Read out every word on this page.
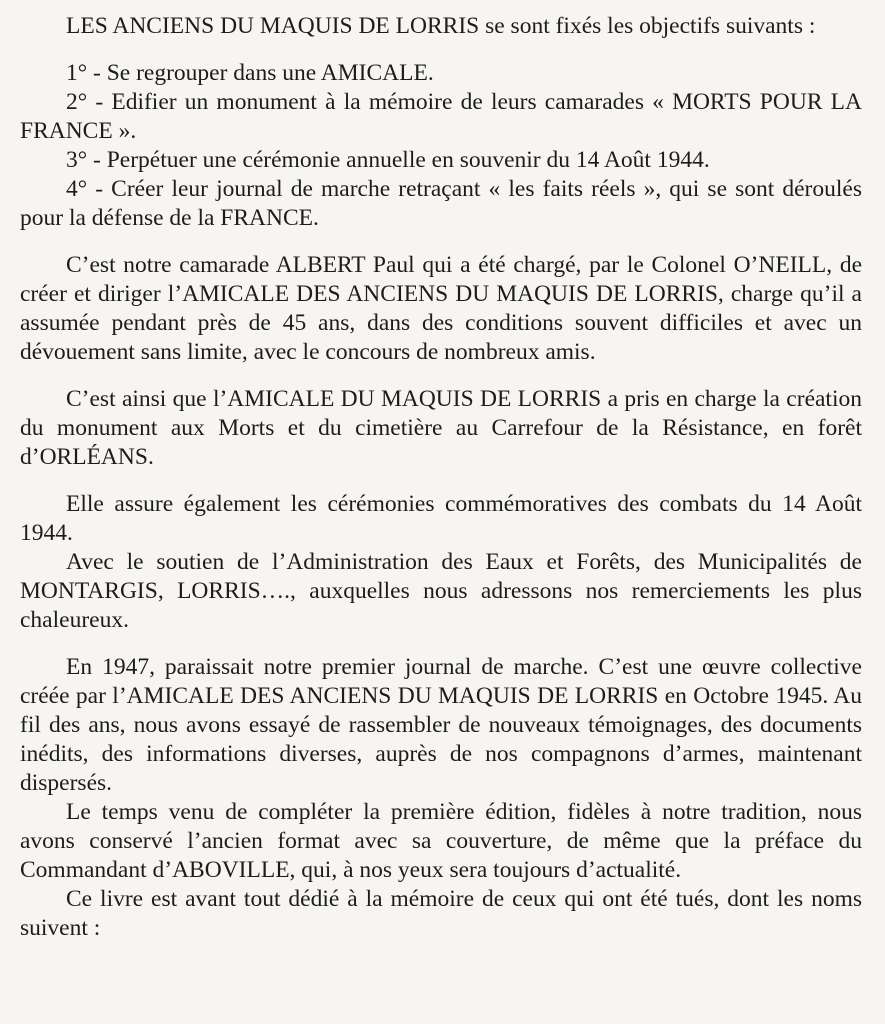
LES ANCIENS DU MAQUIS DE LORRIS se sont fixés les objectifs suivants :

1° - Se regrouper dans une AMICALE.

2° - Edifier un monument à la mémoire de leurs camarades « MORTS POUR LA FRANCE ».

3° - Perpétuer une cérémonie annuelle en souvenir du 14 Août 1944.

4° - Créer leur journal de marche retraçant « les faits réels », qui se sont déroulés pour la défense de la FRANCE.

C’est notre camarade ALBERT Paul qui a été chargé, par le Colonel O’NEILL, de créer et diriger l’AMICALE DES ANCIENS DU MAQUIS DE LORRIS, charge qu’il a assumée pendant près de 45 ans, dans des conditions souvent difficiles et avec un dévouement sans limite, avec le concours de nombreux amis.

C’est ainsi que l’AMICALE DU MAQUIS DE LORRIS a pris en charge la création du monument aux Morts et du cimetière au Carrefour de la Résistance, en forêt d’ORLÉANS.

Elle assure également les cérémonies commémoratives des combats du 14 Août 1944.

Avec le soutien de l’Administration des Eaux et Forêts, des Municipalités de MONTARGIS, LORRIS…., auxquelles nous adressons nos remerciements les plus chaleureux.

En 1947, paraissait notre premier journal de marche. C’est une œuvre collective créée par l’AMICALE DES ANCIENS DU MAQUIS DE LORRIS en Octobre 1945. Au fil des ans, nous avons essayé de rassembler de nouveaux témoignages, des documents inédits, des informations diverses, auprès de nos compagnons d’armes, maintenant dispersés.

Le temps venu de compléter la première édition, fidèles à notre tradition, nous avons conservé l’ancien format avec sa couverture, de même que la préface du Commandant d’ABOVILLE, qui, à nos yeux sera toujours d’actualité.

Ce livre est avant tout dédié à la mémoire de ceux qui ont été tués, dont les noms suivent :
